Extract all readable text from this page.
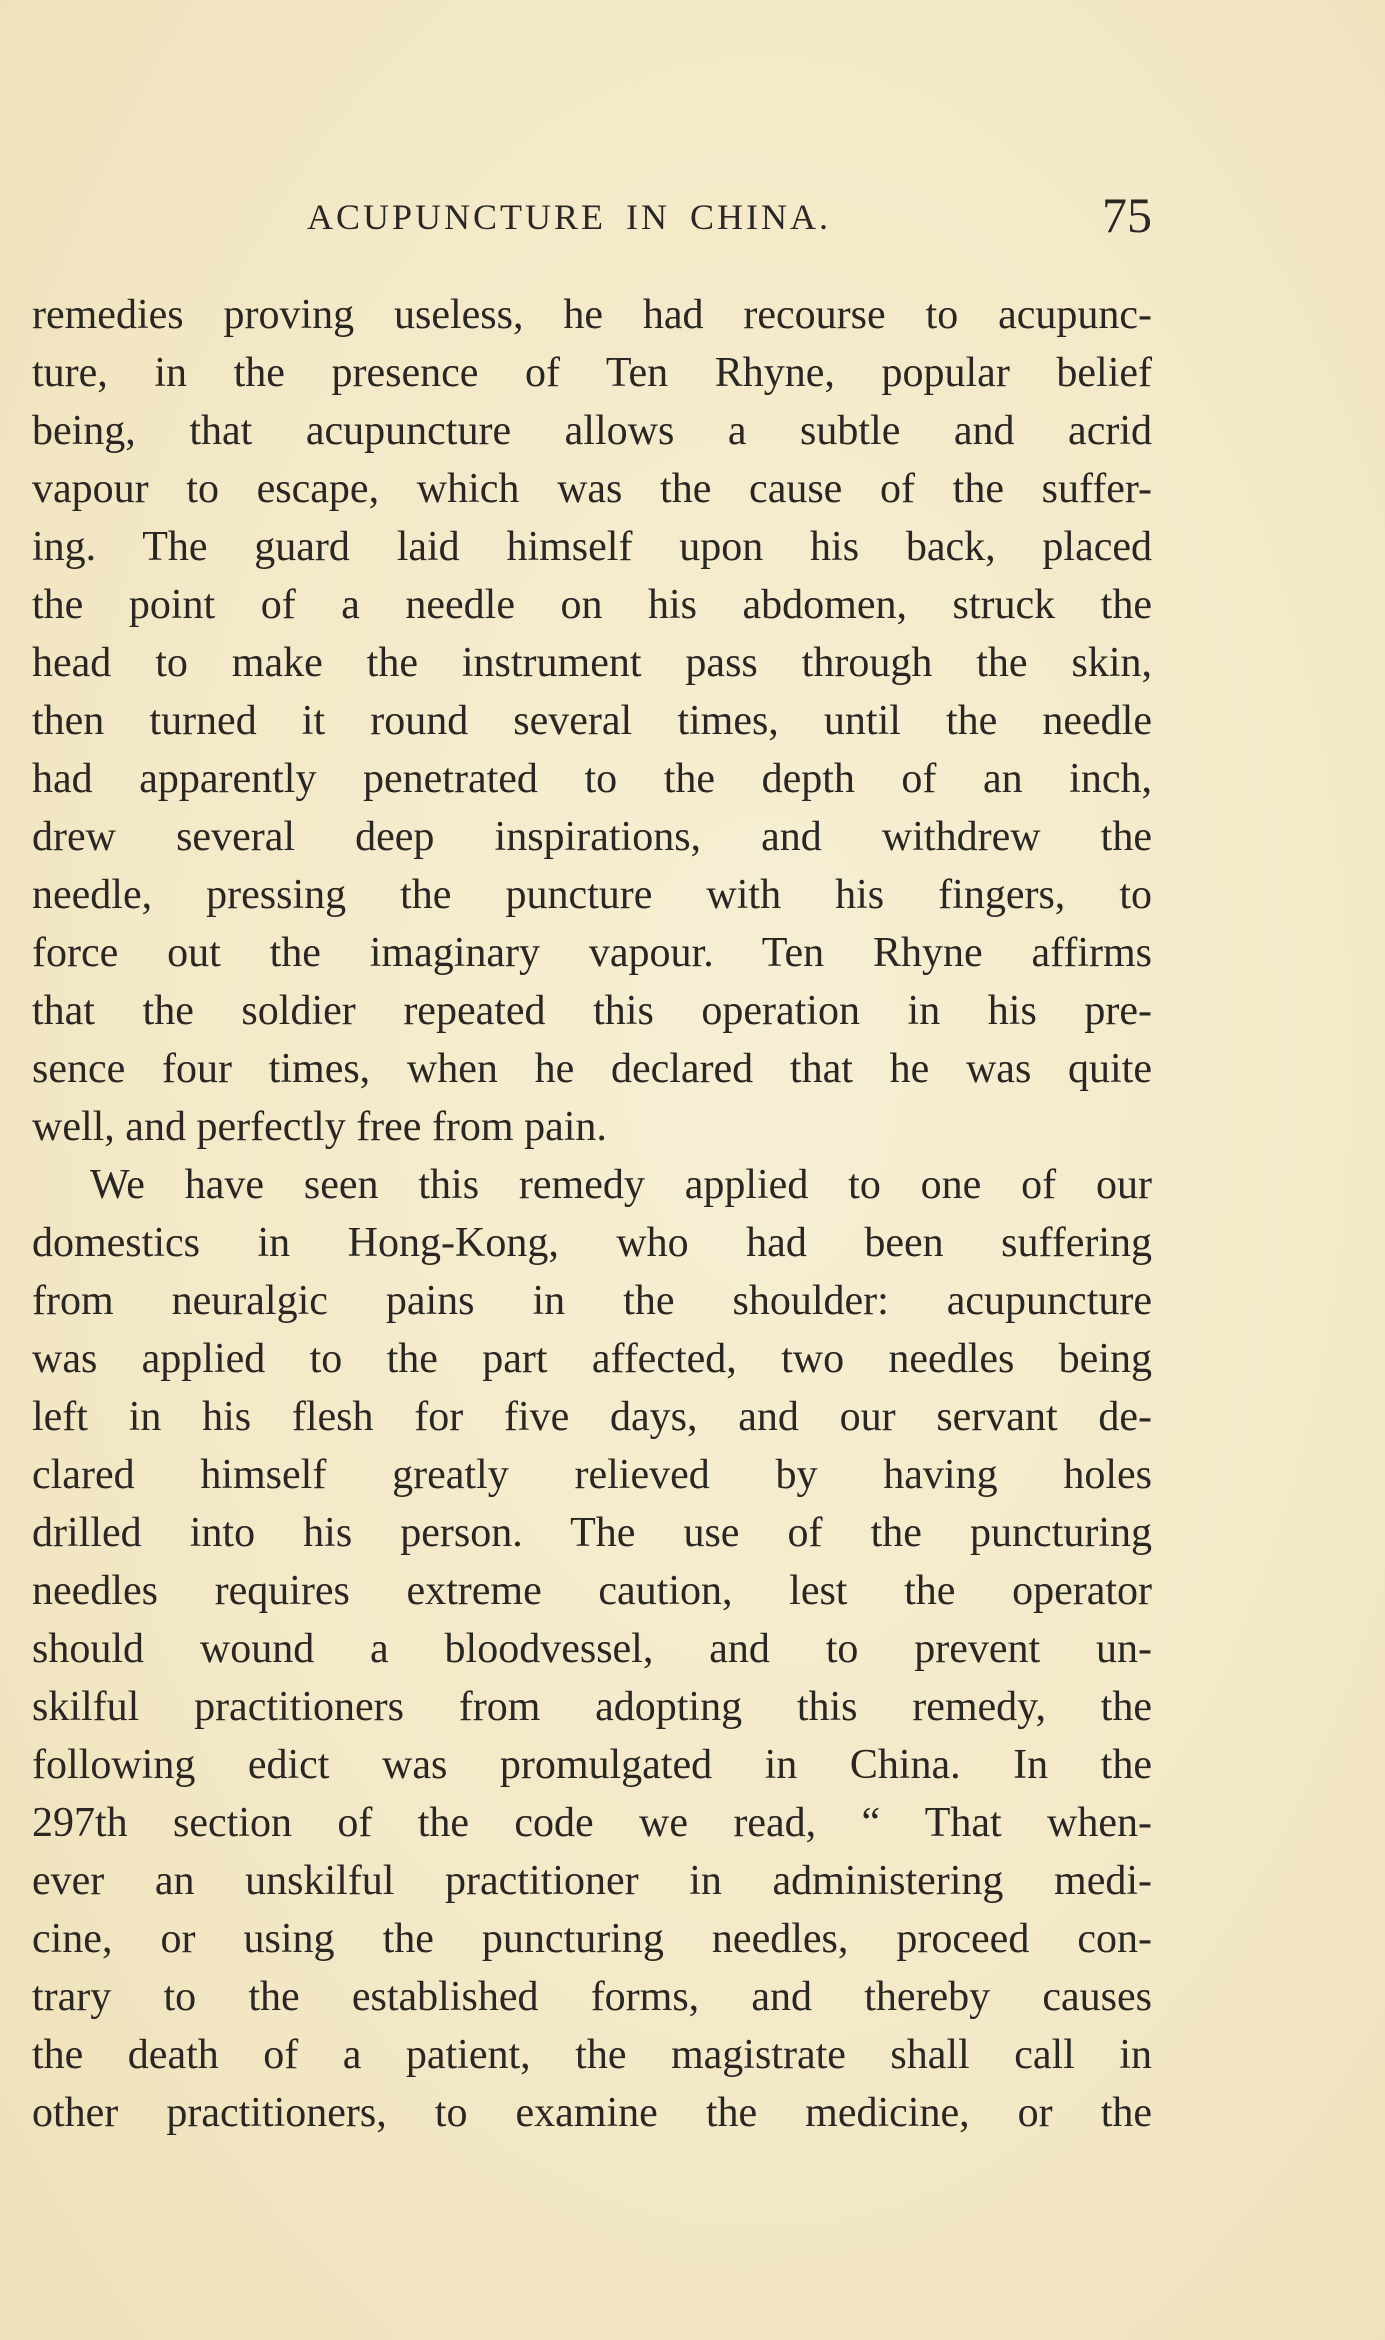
ACUPUNCTURE IN CHINA.	75
remedies proving useless, he had recourse to acupunc-
ture, in the presence of Ten Rhyne, popular belief
being, that acupuncture allows a subtle and acrid
vapour to escape, which was the cause of the suffer-
ing. The guard laid himself upon his back, placed
the point of a needle on his abdomen, struck the
head to make the instrument pass through the skin,
then turned it round several times, until the needle
had apparently penetrated to the depth of an inch,
drew several deep inspirations, and withdrew the
needle, pressing the puncture with his fingers, to
force out the imaginary vapour. Ten Rhyne affirms
that the soldier repeated this operation in his pre-
sence four times, when he declared that he was quite
well, and perfectly free from pain.
We have seen this remedy applied to one of our
domestics in Hong-Kong, who had been suffering
from neuralgic pains in the shoulder: acupuncture
was applied to the part affected, two needles being
left in his flesh for five days, and our servant de-
clared himself greatly relieved by having holes
drilled into his person. The use of the puncturing
needles requires extreme caution, lest the operator
should wound a bloodvessel, and to prevent un-
skilful practitioners from adopting this remedy, the
following edict was promulgated in China. In the
297th section of the code we read, “ That when-
ever an unskilful practitioner in administering medi-
cine, or using the puncturing needles, proceed con-
trary to the established forms, and thereby causes
the death of a patient, the magistrate shall call in
other practitioners, to examine the medicine, or the
